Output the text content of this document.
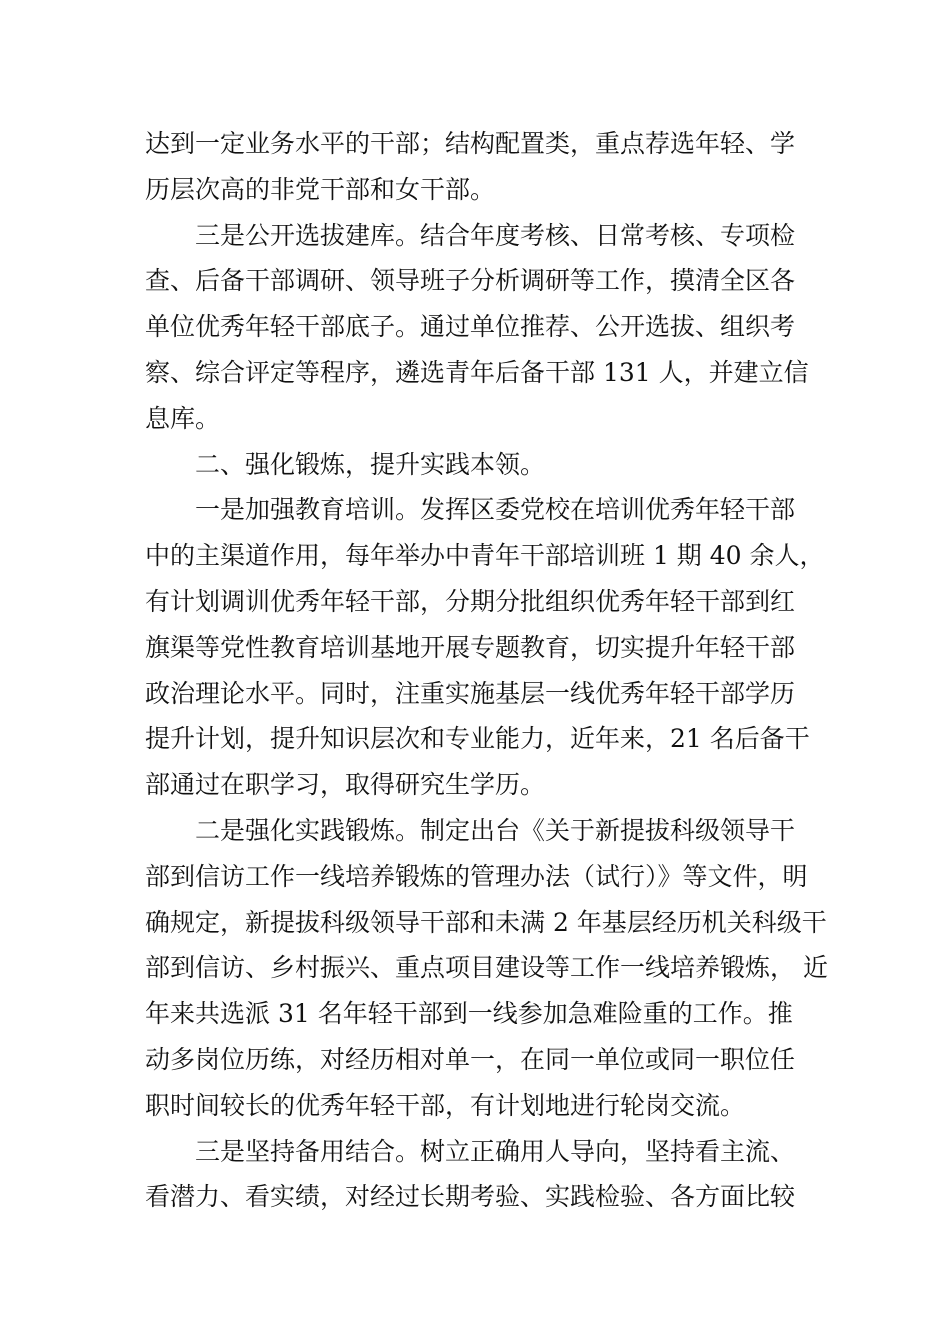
达到一定业务水平的干部；结构配置类，重点荐选年轻、学
历层次高的非党干部和女干部。

三是公开选拔建库。结合年度考核、日常考核、专项检
查、后备干部调研、领导班子分析调研等工作，摸清全区各
单位优秀年轻干部底子。通过单位推荐、公开选拔、组织考
察、综合评定等程序，遴选青年后备干部 131 人，并建立信
息库。

二、强化锻炼，提升实践本领。

一是加强教育培训。发挥区委党校在培训优秀年轻干部
中的主渠道作用，每年举办中青年干部培训班 1 期 40 余人，
有计划调训优秀年轻干部，分期分批组织优秀年轻干部到红
旗渠等党性教育培训基地开展专题教育，切实提升年轻干部
政治理论水平。同时，注重实施基层一线优秀年轻干部学历
提升计划，提升知识层次和专业能力，近年来，21 名后备干
部通过在职学习，取得研究生学历。

二是强化实践锻炼。制定出台《关于新提拔科级领导干
部到信访工作一线培养锻炼的管理办法（试行）》等文件，明
确规定，新提拔科级领导干部和未满 2 年基层经历机关科级干
部到信访、乡村振兴、重点项目建设等工作一线培养锻炼， 近
年来共选派 31 名年轻干部到一线参加急难险重的工作。推
动多岗位历练，对经历相对单一，在同一单位或同一职位任
职时间较长的优秀年轻干部，有计划地进行轮岗交流。

三是坚持备用结合。树立正确用人导向，坚持看主流、
看潜力、看实绩，对经过长期考验、实践检验、各方面比较
